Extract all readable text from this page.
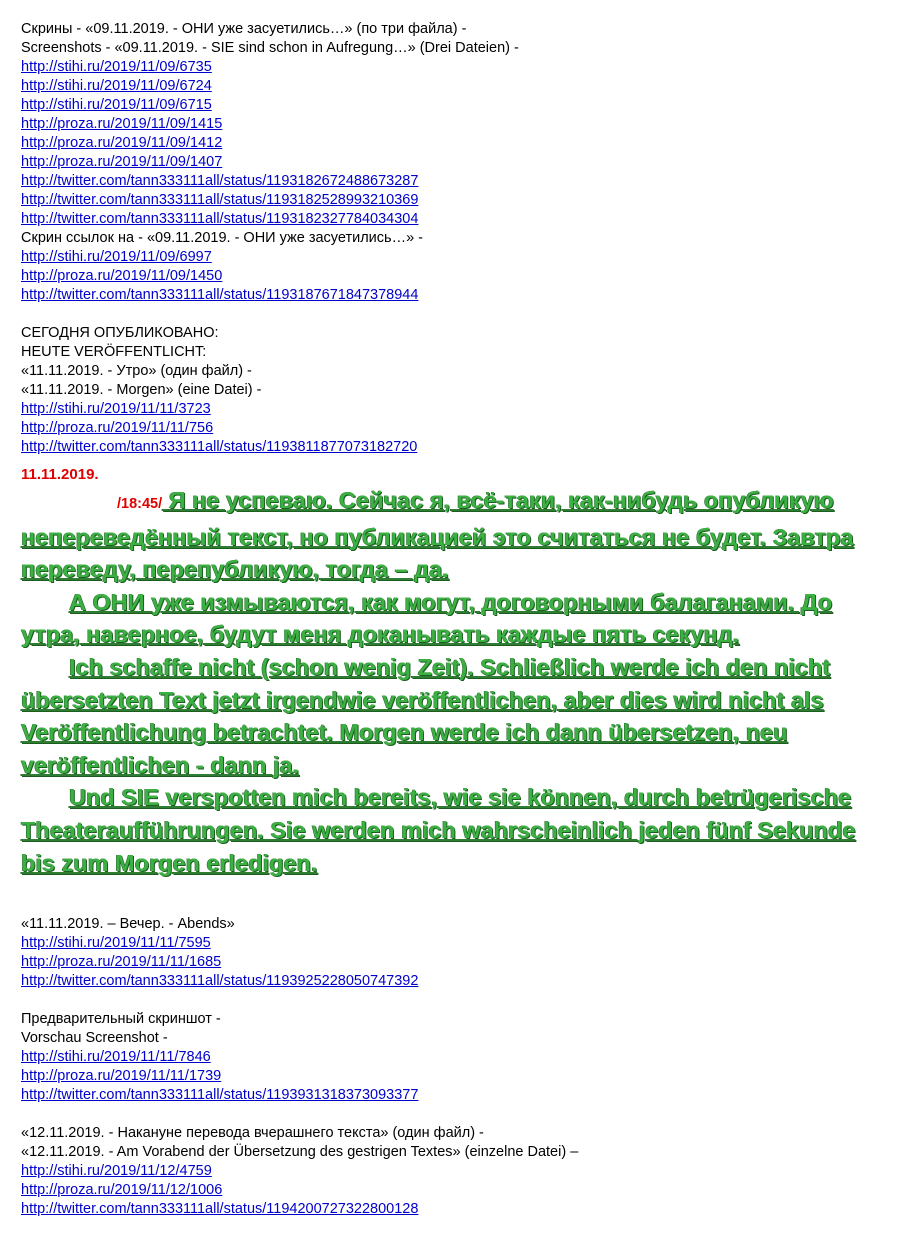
Скрины - «09.11.2019. - ОНИ уже засуетились…» (по три файла) -
Screenshots - «09.11.2019. - SIE sind schon in Aufregung…» (Drei Dateien) -
http://stihi.ru/2019/11/09/6735
http://stihi.ru/2019/11/09/6724
http://stihi.ru/2019/11/09/6715
http://proza.ru/2019/11/09/1415
http://proza.ru/2019/11/09/1412
http://proza.ru/2019/11/09/1407
http://twitter.com/tann333111all/status/1193182672488673287
http://twitter.com/tann333111all/status/1193182528993210369
http://twitter.com/tann333111all/status/1193182327784034304
Скрин ссылок на - «09.11.2019. - ОНИ уже засуетились…» -
http://stihi.ru/2019/11/09/6997
http://proza.ru/2019/11/09/1450
http://twitter.com/tann333111all/status/1193187671847378944
СЕГОДНЯ ОПУБЛИКОВАНО:
HEUTE VERÖFFENTLICHT:
«11.11.2019. - Утро» (один файл) -
«11.11.2019. - Morgen» (eine Datei) -
http://stihi.ru/2019/11/11/3723
http://proza.ru/2019/11/11/756
http://twitter.com/tann333111all/status/1193811877073182720
11.11.2019.

/18:45/ Я не успеваю. Сейчас я, всё-таки, как-нибудь опубликую непереведённый текст, но публикацией это считаться не будет. Завтра переведу, перепубликую, тогда – да.

А ОНИ уже измываются, как могут, договорными балаганами. До утра, наверное, будут меня доканывать каждые пять секунд.

Ich schaffe nicht (schon wenig Zeit). Schließlich werde ich den nicht übersetzten Text jetzt irgendwie veröffentlichen, aber dies wird nicht als Veröffentlichung betrachtet. Morgen werde ich dann übersetzen, neu veröffentlichen - dann ja.

Und SIE verspotten mich bereits, wie sie können, durch betrügerische Theateraufführungen. Sie werden mich wahrscheinlich jeden fünf Sekunde bis zum Morgen erledigen.

«11.11.2019. – Вечер. - Abends»
http://stihi.ru/2019/11/11/7595
http://proza.ru/2019/11/11/1685
http://twitter.com/tann333111all/status/1193925228050747392
Предварительный скриншот -
Vorschau Screenshot -
http://stihi.ru/2019/11/11/7846
http://proza.ru/2019/11/11/1739
http://twitter.com/tann333111all/status/1193931318373093377
«12.11.2019. - Накануне перевода вчерашнего текста» (один файл) -
«12.11.2019. - Am Vorabend der Übersetzung des gestrigen Textes» (einzelne Datei) –
http://stihi.ru/2019/11/12/4759
http://proza.ru/2019/11/12/1006
http://twitter.com/tann333111all/status/1194200727322800128
